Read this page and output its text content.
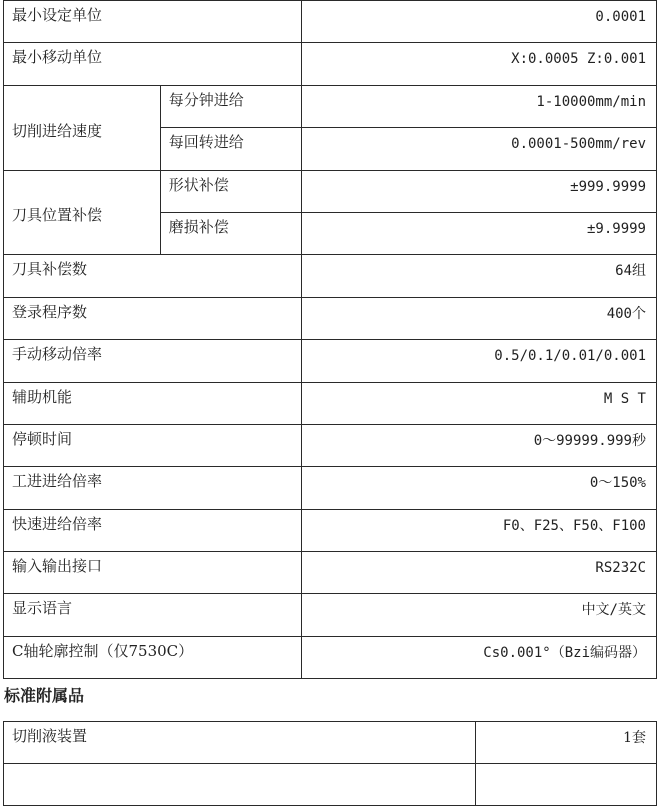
最小设定单位		0.0001
最小移动单位		X:0.0005 Z:0.001
切削进给速度	每分钟进给	1-10000mm/min
	每回转进给	0.0001-500mm/rev
刀具位置补偿	形状补偿	±999.9999
	磨损补偿	±9.9999
刀具补偿数		64组
登录程序数		400个
手动移动倍率		0.5/0.1/0.01/0.001
辅助机能		M S T
停顿时间		0～99999.999秒
工进进给倍率		0～150%
快速进给倍率		F0、F25、F50、F100
输入输出接口		RS232C
显示语言		中文/英文
C轴轮廓控制（仅7530C）		Cs0.001°（Bzi编码器）
标准附属品
切削液装置	1套
